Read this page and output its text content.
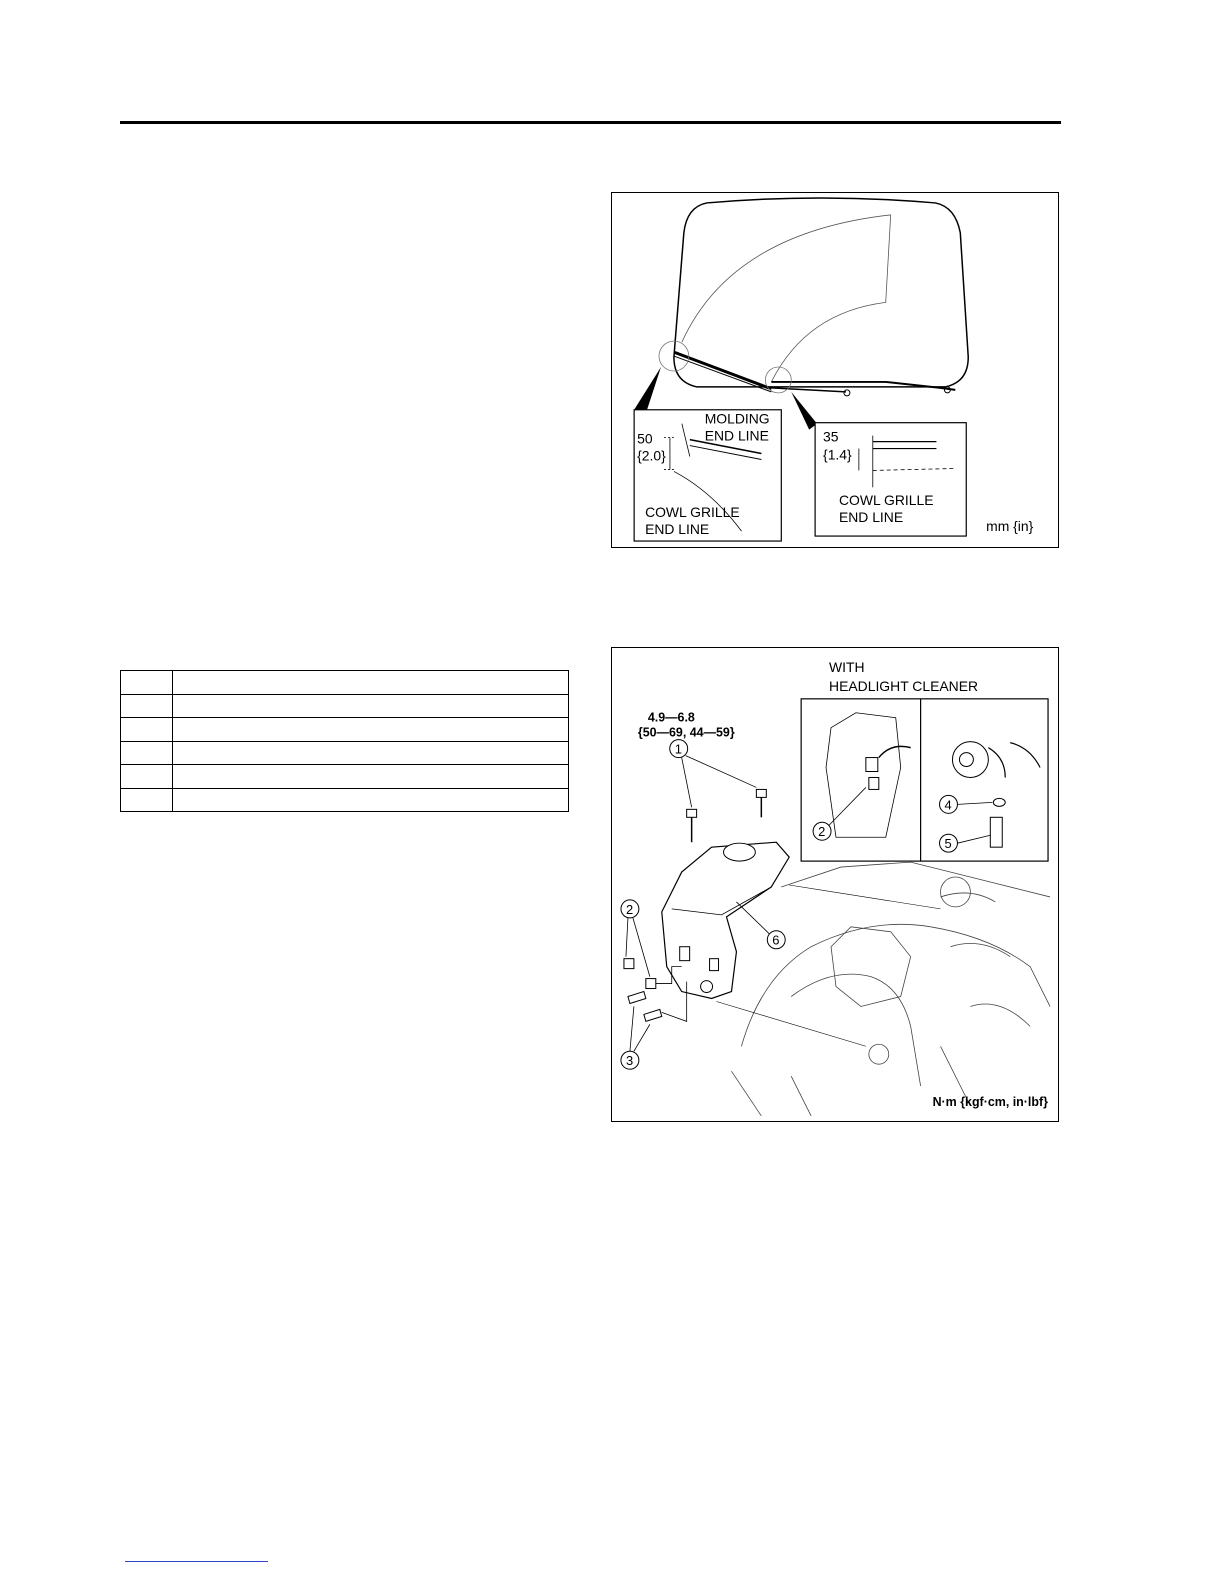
50
{2.0}
MOLDING
END LINE
COWL GRILLE
END LINE
35
{1.4}
COWL GRILLE
END LINE
mm {in}
WITH
HEADLIGHT CLEANER
2
4
5
4.9—6.8
{50—69, 44—59}
1
6
2
3
N·m {kgf·cm, in·lbf}
